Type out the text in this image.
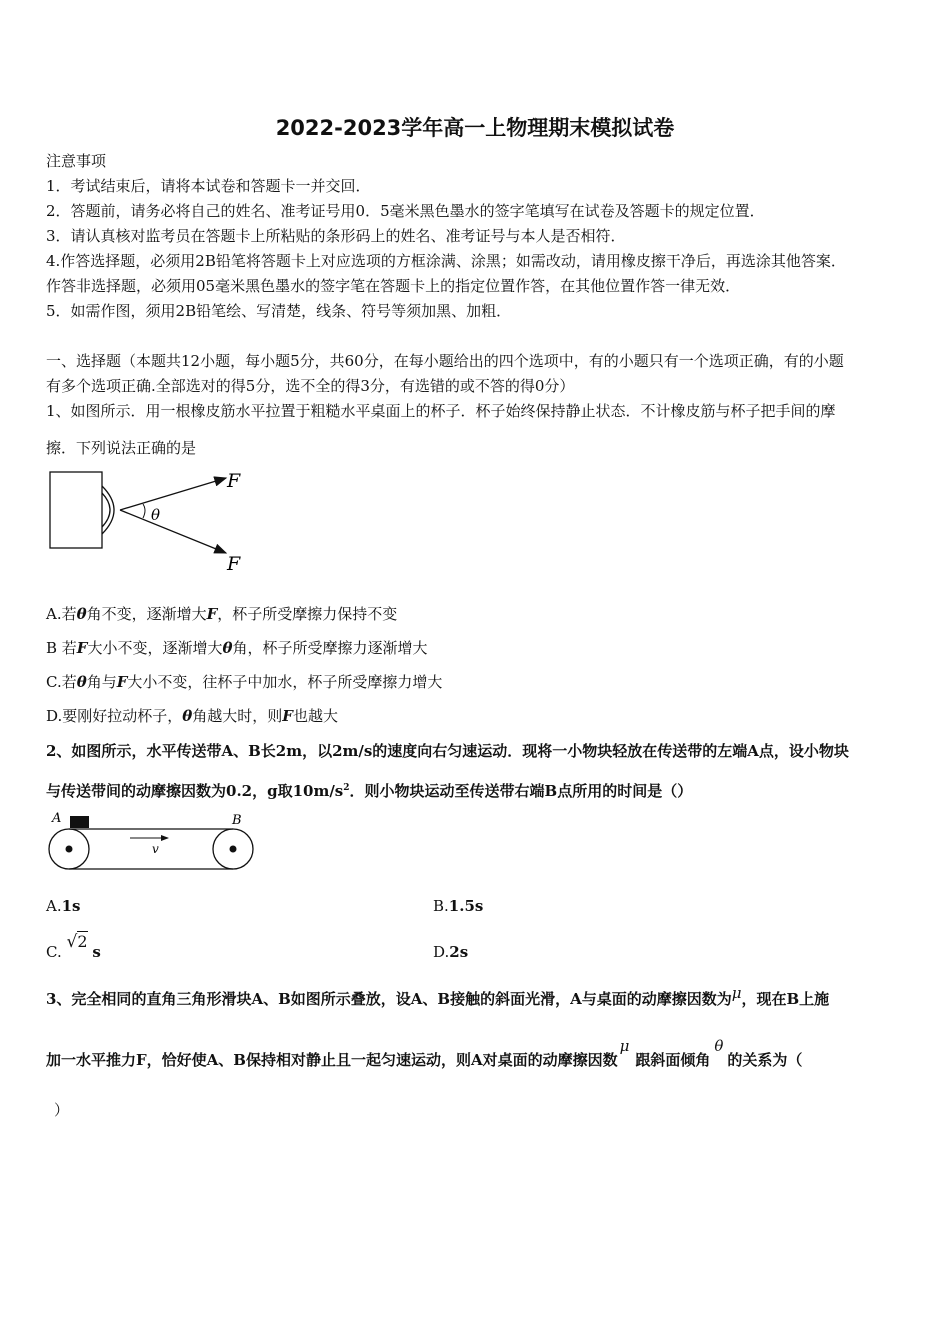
2022-2023学年高一上物理期末模拟试卷
注意事项
1．考试结束后，请将本试卷和答题卡一并交回．
2．答题前，请务必将自己的姓名、准考证号用0．5毫米黑色墨水的签字笔填写在试卷及答题卡的规定位置．
3．请认真核对监考员在答题卡上所粘贴的条形码上的姓名、准考证号与本人是否相符．
4.作答选择题，必须用2B铅笔将答题卡上对应选项的方框涂满、涂黑；如需改动，请用橡皮擦干净后，再选涂其他答案．
作答非选择题，必须用05毫米黑色墨水的签字笔在答题卡上的指定位置作答，在其他位置作答一律无效．
5．如需作图，须用2B铅笔绘、写清楚，线条、符号等须加黑、加粗．
一、选择题（本题共12小题，每小题5分，共60分，在每小题给出的四个选项中，有的小题只有一个选项正确，有的小题
有多个选项正确.全部选对的得5分，选不全的得3分，有选错的或不答的得0分）
1、如图所示．用一根橡皮筋水平拉置于粗糙水平桌面上的杯子．杯子始终保持静止状态．不计橡皮筋与杯子把手间的摩
擦．下列说法正确的是
θ
F
F
A.若θ角不变，逐渐增大F，杯子所受摩擦力保持不变
B 若F大小不变，逐渐增大θ角，杯子所受摩擦力逐渐增大
C.若θ角与F大小不变，往杯子中加水，杯子所受摩擦力增大
D.要刚好拉动杯子，θ角越大时，则F也越大
2、如图所示，水平传送带A、B长2m，以2m/s的速度向右匀速运动．现将一小物块轻放在传送带的左端A点，设小物块
与传送带间的动摩擦因数为0.2，g取$10m/s^2$．则小物块运动至传送带右端B点所用的时间是（）
A	B
v
A.1s	B.1.5s
C. √2 s	D.2s
3、完全相同的直角三角形滑块A、B如图所示叠放，设A、B接触的斜面光滑，A与桌面的动摩擦因数为μ，现在B上施
加一水平推力F，恰好使A、B保持相对静止且一起匀速运动，则A对桌面的动摩擦因数μ跟斜面倾角θ的关系为（
）
